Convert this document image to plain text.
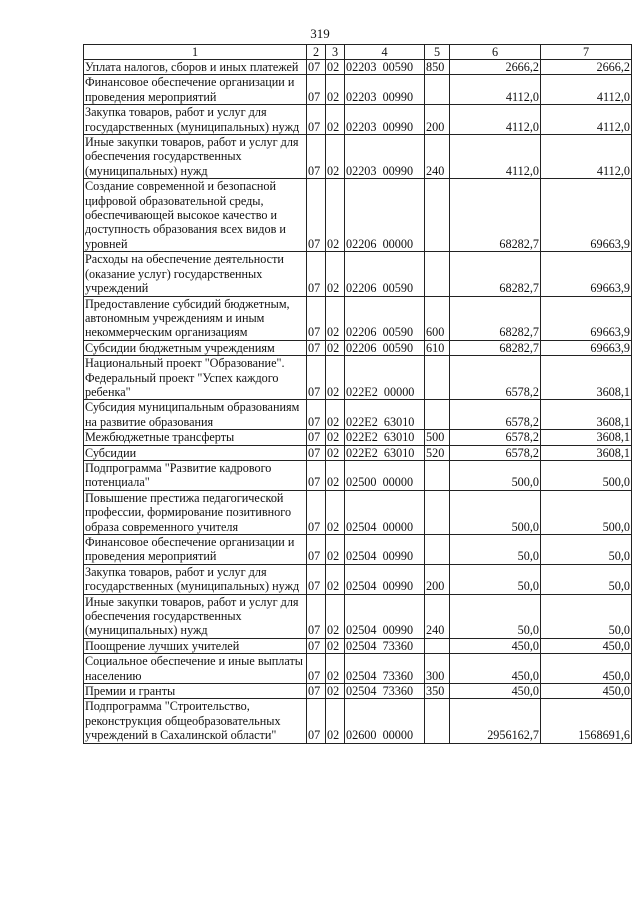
319
1	2	3	4	5	6	7
Уплата налогов, сборов и иных платежей	07	02	02203  00590	850	2666,2	2666,2
Финансовое обеспечение организации и проведения мероприятий	07	02	02203  00990		4112,0	4112,0
Закупка товаров, работ и услуг для государственных (муниципальных) нужд	07	02	02203  00990	200	4112,0	4112,0
Иные закупки товаров, работ и услуг для обеспечения государственных (муниципальных) нужд	07	02	02203  00990	240	4112,0	4112,0
Создание современной и безопасной цифровой образовательной среды, обеспечивающей высокое качество и доступность образования всех видов и уровней	07	02	02206  00000		68282,7	69663,9
Расходы на обеспечение деятельности (оказание услуг) государственных учреждений	07	02	02206  00590		68282,7	69663,9
Предоставление субсидий бюджетным, автономным учреждениям и иным некоммерческим организациям	07	02	02206  00590	600	68282,7	69663,9
Субсидии бюджетным учреждениям	07	02	02206  00590	610	68282,7	69663,9
Национальный проект "Образование". Федеральный проект "Успех каждого ребенка"	07	02	022E2  00000		6578,2	3608,1
Субсидия муниципальным образованиям на развитие образования	07	02	022E2  63010		6578,2	3608,1
Межбюджетные трансферты	07	02	022E2  63010	500	6578,2	3608,1
Субсидии	07	02	022E2  63010	520	6578,2	3608,1
Подпрограмма "Развитие кадрового потенциала"	07	02	02500  00000		500,0	500,0
Повышение престижа педагогической профессии, формирование позитивного образа современного учителя	07	02	02504  00000		500,0	500,0
Финансовое обеспечение организации и проведения мероприятий	07	02	02504  00990		50,0	50,0
Закупка товаров, работ и услуг для государственных (муниципальных) нужд	07	02	02504  00990	200	50,0	50,0
Иные закупки товаров, работ и услуг для обеспечения государственных (муниципальных) нужд	07	02	02504  00990	240	50,0	50,0
Поощрение лучших учителей	07	02	02504  73360		450,0	450,0
Социальное обеспечение и иные выплаты населению	07	02	02504  73360	300	450,0	450,0
Премии и гранты	07	02	02504  73360	350	450,0	450,0
Подпрограмма "Строительство, реконструкция общеобразовательных учреждений в Сахалинской области"	07	02	02600  00000		2956162,7	1568691,6
